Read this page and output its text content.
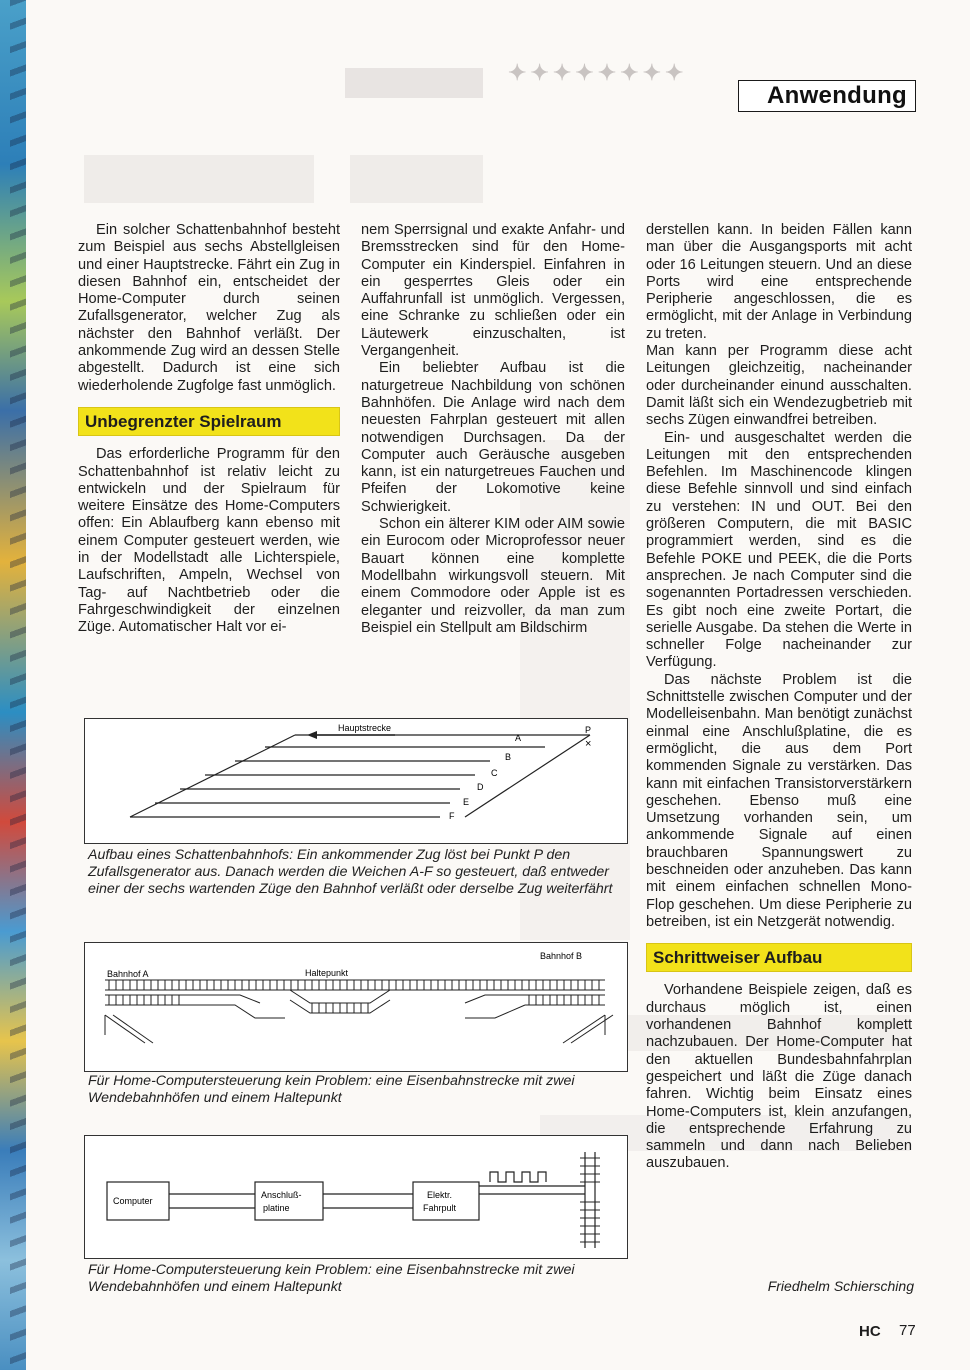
✦✦✦✦✦✦✦✦
Anwendung

Ein solcher Schattenbahnhof besteht zum Beispiel aus sechs Abstellgleisen und einer Hauptstrecke. Fährt ein Zug in diesen Bahnhof ein, entscheidet der Home-Computer durch seinen Zufallsgenerator, welcher Zug als nächster den Bahnhof verläßt. Der ankommende Zug wird an dessen Stelle abgestellt. Dadurch ist eine sich wiederholende Zugfolge fast unmöglich.

Unbegrenzter Spielraum

Das erforderliche Programm für den Schattenbahnhof ist relativ leicht zu entwickeln und der Spielraum für weitere Einsätze des Home-Computers offen: Ein Ablaufberg kann ebenso mit einem Computer gesteuert werden, wie in der Modellstadt alle Lichterspiele, Laufschriften, Ampeln, Wechsel von Tag- auf Nachtbetrieb oder die Fahrgeschwindigkeit der einzelnen Züge. Automatischer Halt vor ei-

nem Sperrsignal und exakte Anfahr- und Bremsstrecken sind für den Home-Computer ein Kinderspiel. Einfahren in ein gesperrtes Gleis oder ein Auffahrunfall ist unmöglich. Vergessen, eine Schranke zu schließen oder ein Läutewerk einzuschalten, ist Vergangenheit.

Ein beliebter Aufbau ist die naturgetreue Nachbildung von schönen Bahnhöfen. Die Anlage wird nach dem neuesten Fahrplan gesteuert mit allen notwendigen Durchsagen. Da der Computer auch Geräusche ausgeben kann, ist ein naturgetreues Fauchen und Pfeifen der Lokomotive keine Schwierigkeit.

Schon ein älterer KIM oder AIM sowie ein Eurocom oder Microprofessor neuer Bauart können eine komplette Modellbahn wirkungsvoll steuern. Mit einem Commodore oder Apple ist es eleganter und reizvoller, da man zum Beispiel ein Stellpult am Bildschirm

derstellen kann. In beiden Fällen kann man über die Ausgangsports mit acht oder 16 Leitungen steuern. Und an diese Ports wird eine entsprechende Peripherie angeschlossen, die es ermöglicht, mit der Anlage in Verbindung zu treten.

Man kann per Programm diese acht Leitungen gleichzeitig, nacheinander oder durcheinander einund ausschalten. Damit läßt sich ein Wendezugbetrieb mit sechs Zügen einwandfrei betreiben.

Ein- und ausgeschaltet werden die Leitungen mit den entsprechenden Befehlen. Im Maschinencode klingen diese Befehle sinnvoll und sind einfach zu verstehen: IN und OUT. Bei den größeren Computern, die mit BASIC programmiert werden, sind es die Befehle POKE und PEEK, die die Ports ansprechen. Je nach Computer sind die sogenannten Portadressen verschieden. Es gibt noch eine zweite Portart, die serielle Ausgabe. Da stehen die Werte in schneller Folge nacheinander zur Verfügung.

Das nächste Problem ist die Schnittstelle zwischen Computer und der Modelleisenbahn. Man benötigt zunächst einmal eine Anschlußplatine, die es ermöglicht, die aus dem Port kommenden Signale zu verstärken. Das kann mit einfachen Transistorverstärkern geschehen. Ebenso muß eine Umsetzung vorhanden sein, um ankommende Signale auf einen brauchbaren Spannungswert zu beschneiden oder anzuheben. Das kann mit einem einfachen schnellen Mono-Flop geschehen. Um diese Peripherie zu betreiben, ist ein Netzgerät notwendig.

Schrittweiser Aufbau

Vorhandene Beispiele zeigen, daß es durchaus möglich ist, einen vorhandenen Bahnhof komplett nachzubauen. Der Home-Computer hat den aktuellen Bundesbahnfahrplan gespeichert und läßt die Züge danach fahren. Wichtig beim Einsatz eines Home-Computers ist, klein anzufangen, die entsprechende Erfahrung zu sammeln und dann nach Belieben auszubauen.

Hauptstrecke	P
×
A
B
C
D
E
F
Aufbau eines Schattenbahnhofs: Ein ankommender Zug löst bei Punkt P den Zufallsgenerator aus. Danach werden die Weichen A-F so gesteuert, daß entweder einer der sechs wartenden Züge den Bahnhof verläßt oder derselbe Zug weiterfährt
Bahnhof A	Haltepunkt
Bahnhof B
Für Home-Computersteuerung kein Problem: eine Eisenbahnstrecke mit zwei Wendebahnhöfen und einem Haltepunkt
Computer
Anschluß-
platine
Elektr.
Fahrpult
Für Home-Computersteuerung kein Problem: eine Eisenbahnstrecke mit zwei Wendebahnhöfen und einem Haltepunkt	Friedhelm Schiersching
HC 77
